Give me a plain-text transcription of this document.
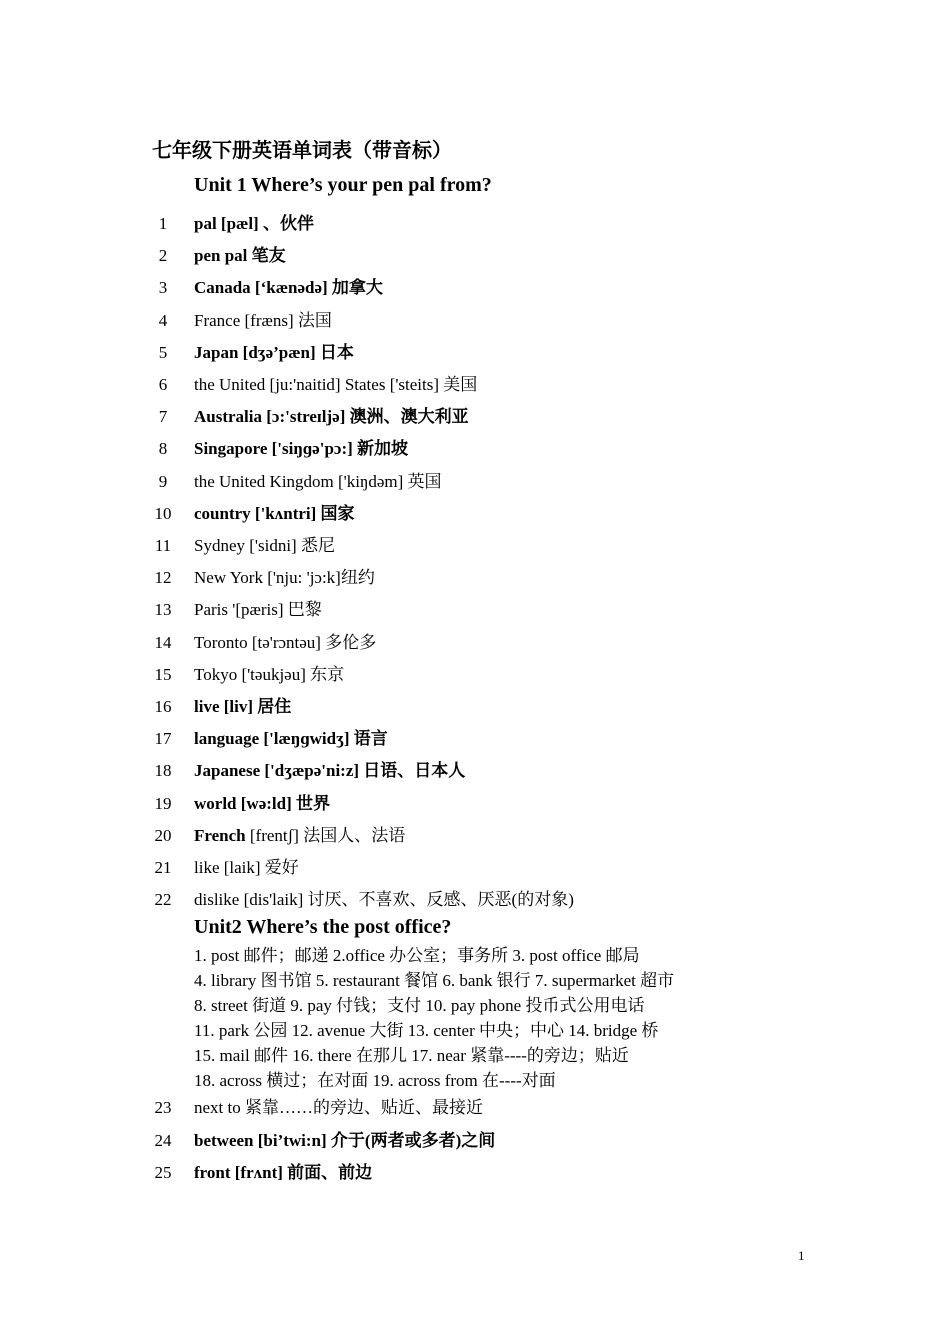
七年级下册英语单词表（带音标）
Unit 1 Where’s your pen pal from?
1	pal [pæl] 、伙伴
2	pen pal 笔友
3	Canada [‘kænədə] 加拿大
4	France [fræns] 法国
5	Japan [dʒə’pæn] 日本
6	the United [ju:'naitid] States ['steits] 美国
7	Australia [ɔ:'streɪljə] 澳洲、澳大利亚
8	Singapore ['siŋɡə'pɔ:] 新加坡
9	the United Kingdom ['kiŋdəm] 英国
10 country ['kʌntri] 国家
11 Sydney ['sidni] 悉尼
12 New York ['nju: 'jɔ:k]纽约
13 Paris '[pæris] 巴黎
14 Toronto [tə'rɔntəu] 多伦多
15 Tokyo ['təukjəu] 东京
16 live [liv] 居住
17 language ['læŋɡwidʒ] 语言
18 Japanese ['dʒæpə'ni:z] 日语、日本人
19 world [wə:ld] 世界
20 French [frentʃ] 法国人、法语
21 like [laik] 爱好
22 dislike [dis'laik] 讨厌、不喜欢、反感、厌恶(的对象)
Unit2 Where’s the post office?
1. post 邮件；邮递 2.office 办公室；事务所 3. post office 邮局
4. library 图书馆 5. restaurant 餐馆 6. bank 银行 7. supermarket 超市
8. street 街道 9. pay 付钱；支付 10. pay phone 投币式公用电话
11. park 公园 12. avenue 大街 13. center 中央；中心 14. bridge 桥
15. mail 邮件 16. there 在那儿 17. near 紧靠----的旁边；贴近
18. across 横过；在对面 19. across from 在----对面
23 next to 紧靠……的旁边、贴近、最接近
24 between [bi’twi:n] 介于(两者或多者)之间
25 front [frʌnt] 前面、前边
1
